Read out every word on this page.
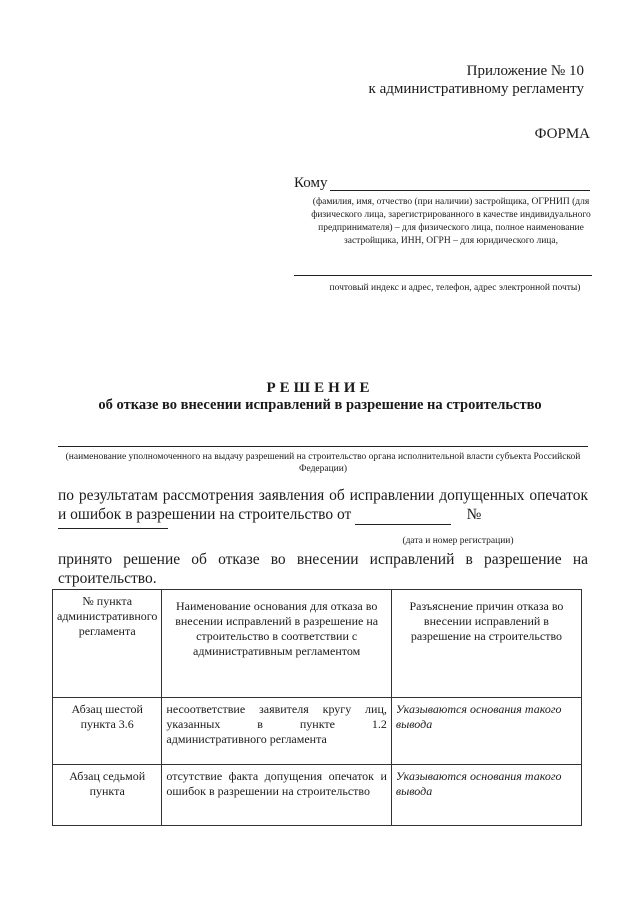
Приложение № 10
к административному регламенту
ФОРМА
Кому
(фамилия, имя, отчество (при наличии) застройщика, ОГРНИП (для физического лица, зарегистрированного в качестве индивидуального предпринимателя) – для физического лица, полное наименование застройщика, ИНН, ОГРН – для юридического лица,
почтовый индекс и адрес, телефон, адрес электронной почты)
РЕШЕНИЕ
об отказе во внесении исправлений в разрешение на строительство
(наименование уполномоченного на выдачу разрешений на строительство органа исполнительной власти субъекта Российской Федерации)
по результатам рассмотрения заявления об исправлении допущенных опечаток и ошибок в разрешении на строительство от	№
(дата и номер регистрации)
принято решение об отказе во внесении исправлений в разрешение на строительство.
№ пункта административного регламента	Наименование основания для отказа во внесении исправлений в разрешение на строительство в соответствии с административным регламентом	Разъяснение причин отказа во внесении исправлений в разрешение на строительство
Абзац шестой пункта 3.6	несоответствие заявителя кругу лиц, указанных в пункте 1.2 административного регламента	Указываются основания такого вывода
Абзац седьмой пункта	отсутствие факта допущения опечаток и ошибок в разрешении на строительство	Указываются основания такого вывода
